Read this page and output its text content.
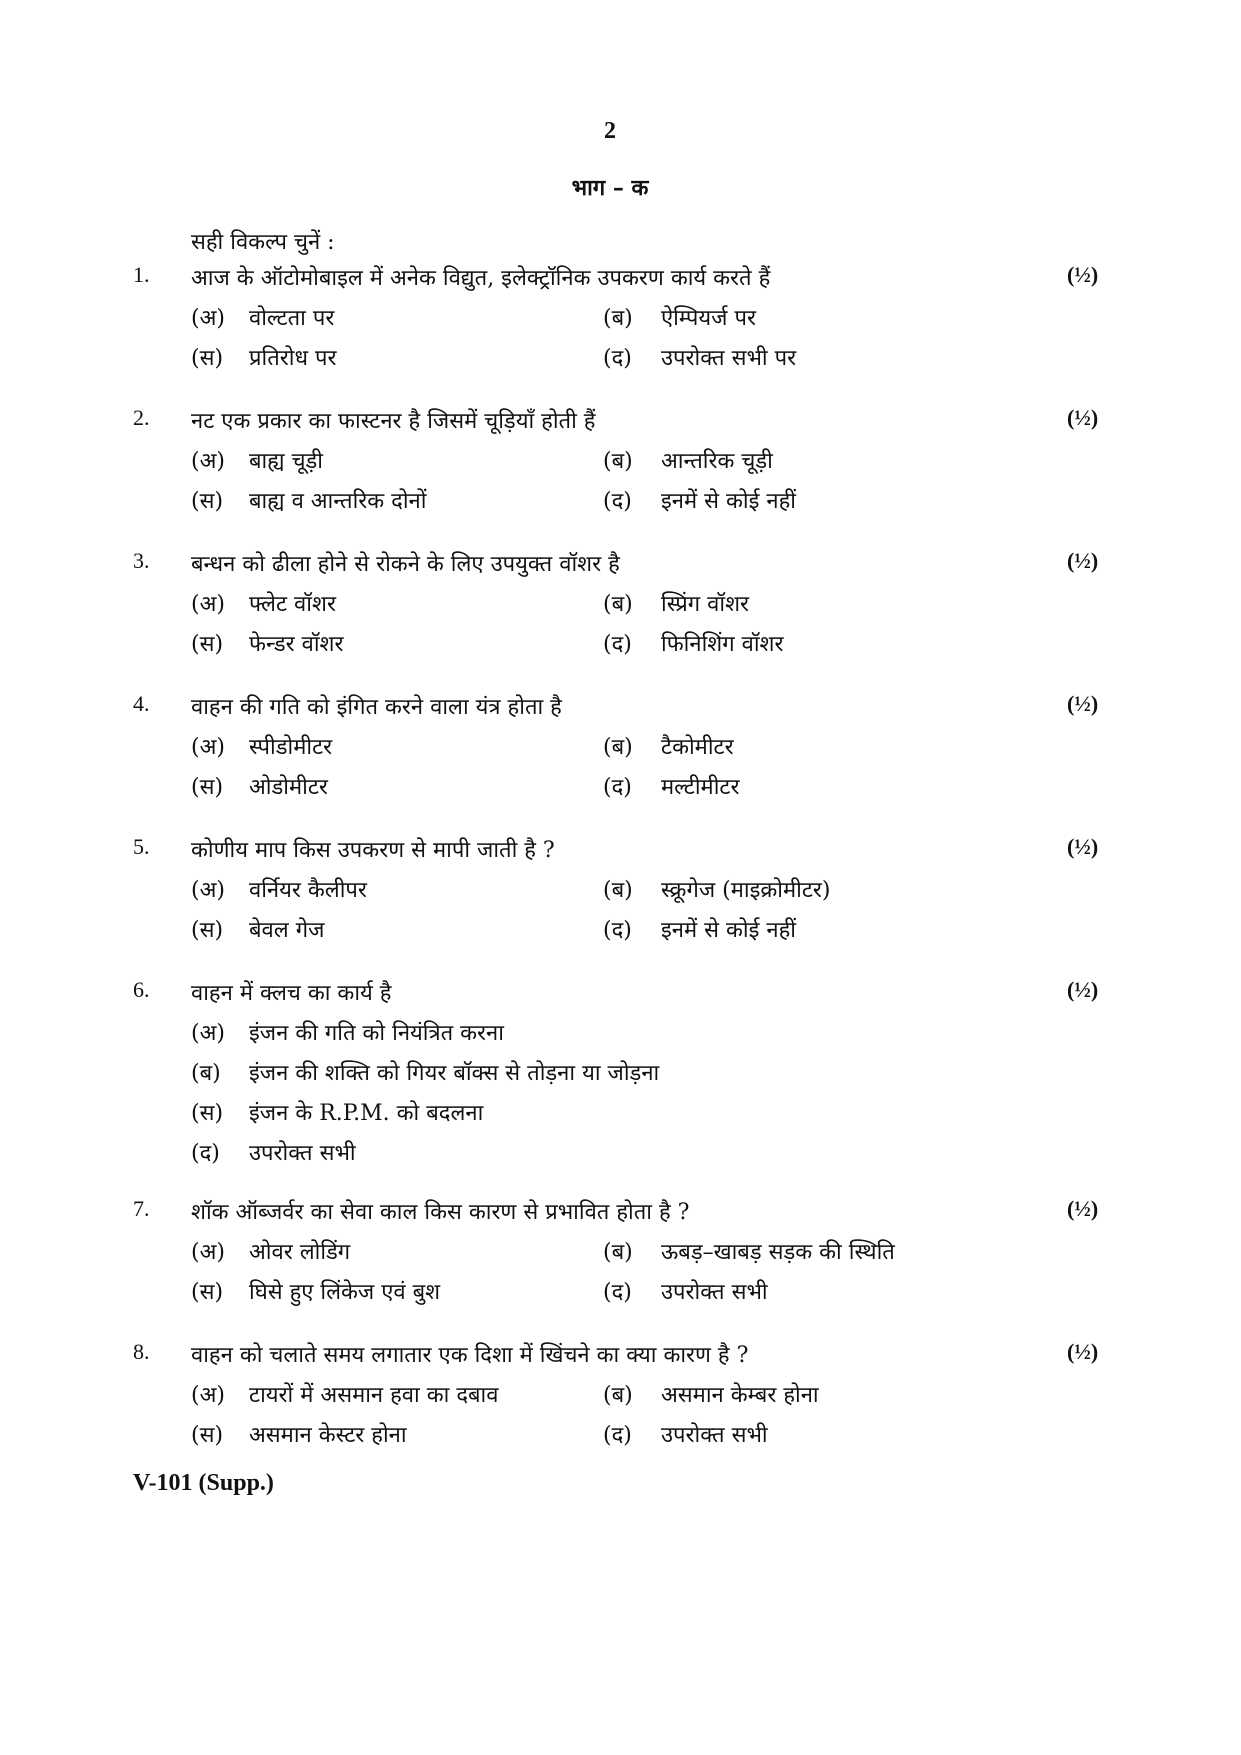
2
भाग – क
सही विकल्प चुनें :
1. आज के ऑटोमोबाइल में अनेक विद्युत, इलेक्ट्रॉनिक उपकरण कार्य करते हैं	(½)
(अ) वोल्टता पर	(ब) ऐम्पियर्ज पर
(स) प्रतिरोध पर	(द) उपरोक्त सभी पर
2. नट एक प्रकार का फास्टनर है जिसमें चूड़ियाँ होती हैं	(½)
(अ) बाह्य चूड़ी	(ब) आन्तरिक चूड़ी
(स) बाह्य व आन्तरिक दोनों	(द) इनमें से कोई नहीं
3. बन्धन को ढीला होने से रोकने के लिए उपयुक्त वॉशर है	(½)
(अ) फ्लेट वॉशर	(ब) स्प्रिंग वॉशर
(स) फेन्डर वॉशर	(द) फिनिशिंग वॉशर
4. वाहन की गति को इंगित करने वाला यंत्र होता है	(½)
(अ) स्पीडोमीटर	(ब) टैकोमीटर
(स) ओडोमीटर	(द) मल्टीमीटर
5. कोणीय माप किस उपकरण से मापी जाती है ?	(½)
(अ) वर्नियर कैलीपर	(ब) स्क्रूगेज (माइक्रोमीटर)
(स) बेवल गेज	(द) इनमें से कोई नहीं
6. वाहन में क्लच का कार्य है	(½)
(अ) इंजन की गति को नियंत्रित करना
(ब) इंजन की शक्ति को गियर बॉक्स से तोड़ना या जोड़ना
(स) इंजन के R.P.M. को बदलना
(द) उपरोक्त सभी
7. शॉक ऑब्जर्वर का सेवा काल किस कारण से प्रभावित होता है ?	(½)
(अ) ओवर लोडिंग	(ब) ऊबड़–खाबड़ सड़क की स्थिति
(स) घिसे हुए लिंकेज एवं बुश	(द) उपरोक्त सभी
8. वाहन को चलाते समय लगातार एक दिशा में खिंचने का क्या कारण है ?	(½)
(अ) टायरों में असमान हवा का दबाव	(ब) असमान केम्बर होना
(स) असमान केस्टर होना	(द) उपरोक्त सभी
V-101 (Supp.)
